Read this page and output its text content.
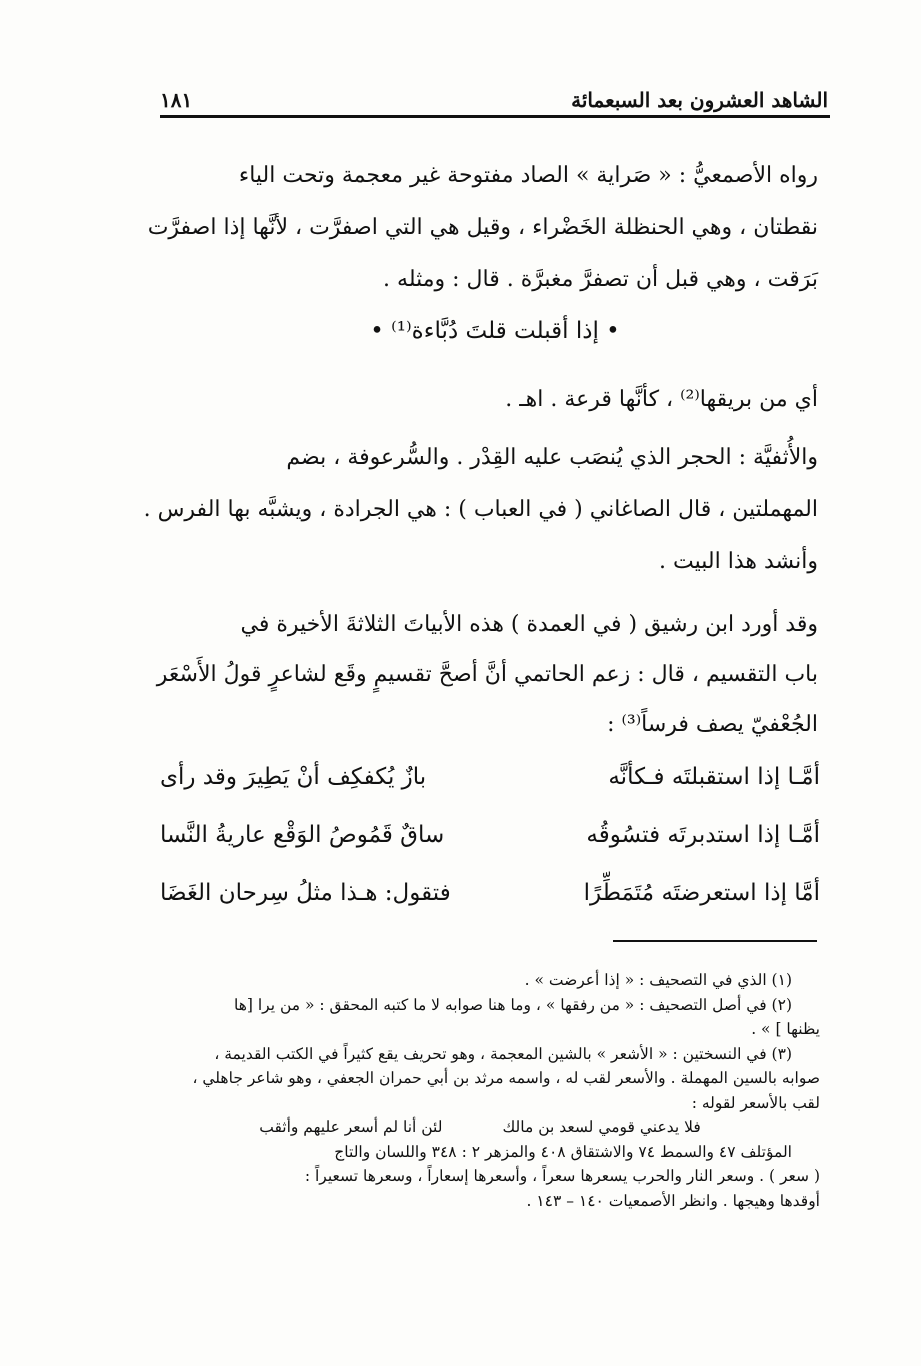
١٨١	الشاهد العشرون بعد السبعمائة
رواه الأصمعيُّ : « صَراية » الصاد مفتوحة غير معجمة وتحت الياء
نقطتان ، وهي الحنظلة الخَضْراء ، وقيل هي التي اصفرَّت ، لأنَّها إذا اصفرَّت
بَرَقت ، وهي قبل أن تصفرَّ مغبرَّة . قال : ومثله .
• إذا أقبلت قلتَ دُبَّاءة⁽¹⁾ •
أي من بريقها⁽²⁾ ، كأنَّها قرعة . اهـ .
والأُثفيَّة : الحجر الذي يُنصَب عليه القِدْر . والسُّرعوفة ، بضم
المهملتين ، قال الصاغاني ( في العباب ) : هي الجرادة ، ويشبَّه بها الفرس .
وأنشد هذا البيت .
وقد أورد ابن رشيق ( في العمدة ) هذه الأبياتَ الثلاثةَ الأخيرة في
باب التقسيم ، قال : زعم الحاتمي أنَّ أصحَّ تقسيمٍ وقَع لشاعرٍ قولُ الأَسْعَر
الجُعْفيّ يصف فرساً⁽³⁾ :
أمَّـا إذا استقبلتَه فـكأنَّه
بازٌ يُكفكِف أنْ يَطِيرَ وقد رأى
أمَّـا إذا استدبرتَه فتسُوقُه
ساقٌ قَمُوصُ الوَقْع عاريةُ النَّسا
أمَّا إذا استعرضتَه مُتَمَطِّرًا
فتقول: هـذا مثلُ سِرحان الغَضَا
(١) الذي في التصحيف : « إذا أعرضت » .
(٢) في أصل التصحيف : « من رفقها » ، وما هنا صوابه لا ما كتبه المحقق : « من يرا [ها
يظنها ] » .
(٣) في النسختين : « الأشعر » بالشين المعجمة ، وهو تحريف يقع كثيراً في الكتب القديمة ،
صوابه بالسين المهملة . والأسعر لقب له ، واسمه مرثد بن أبي حمران الجعفي ، وهو شاعر جاهلي ،
لقب بالأسعر لقوله :
فلا يدعني قومي لسعد بن مالك
لئن أنا لم أسعر عليهم وأثقب
المؤتلف ٤٧ والسمط ٧٤ والاشتقاق ٤٠٨ والمزهر ٢ : ٣٤٨ واللسان والتاج
( سعر ) . وسعر النار والحرب يسعرها سعراً ، وأسعرها إسعاراً ، وسعرها تسعيراً :
أوقدها وهيجها . وانظر الأصمعيات ١٤٠ – ١٤٣ .
